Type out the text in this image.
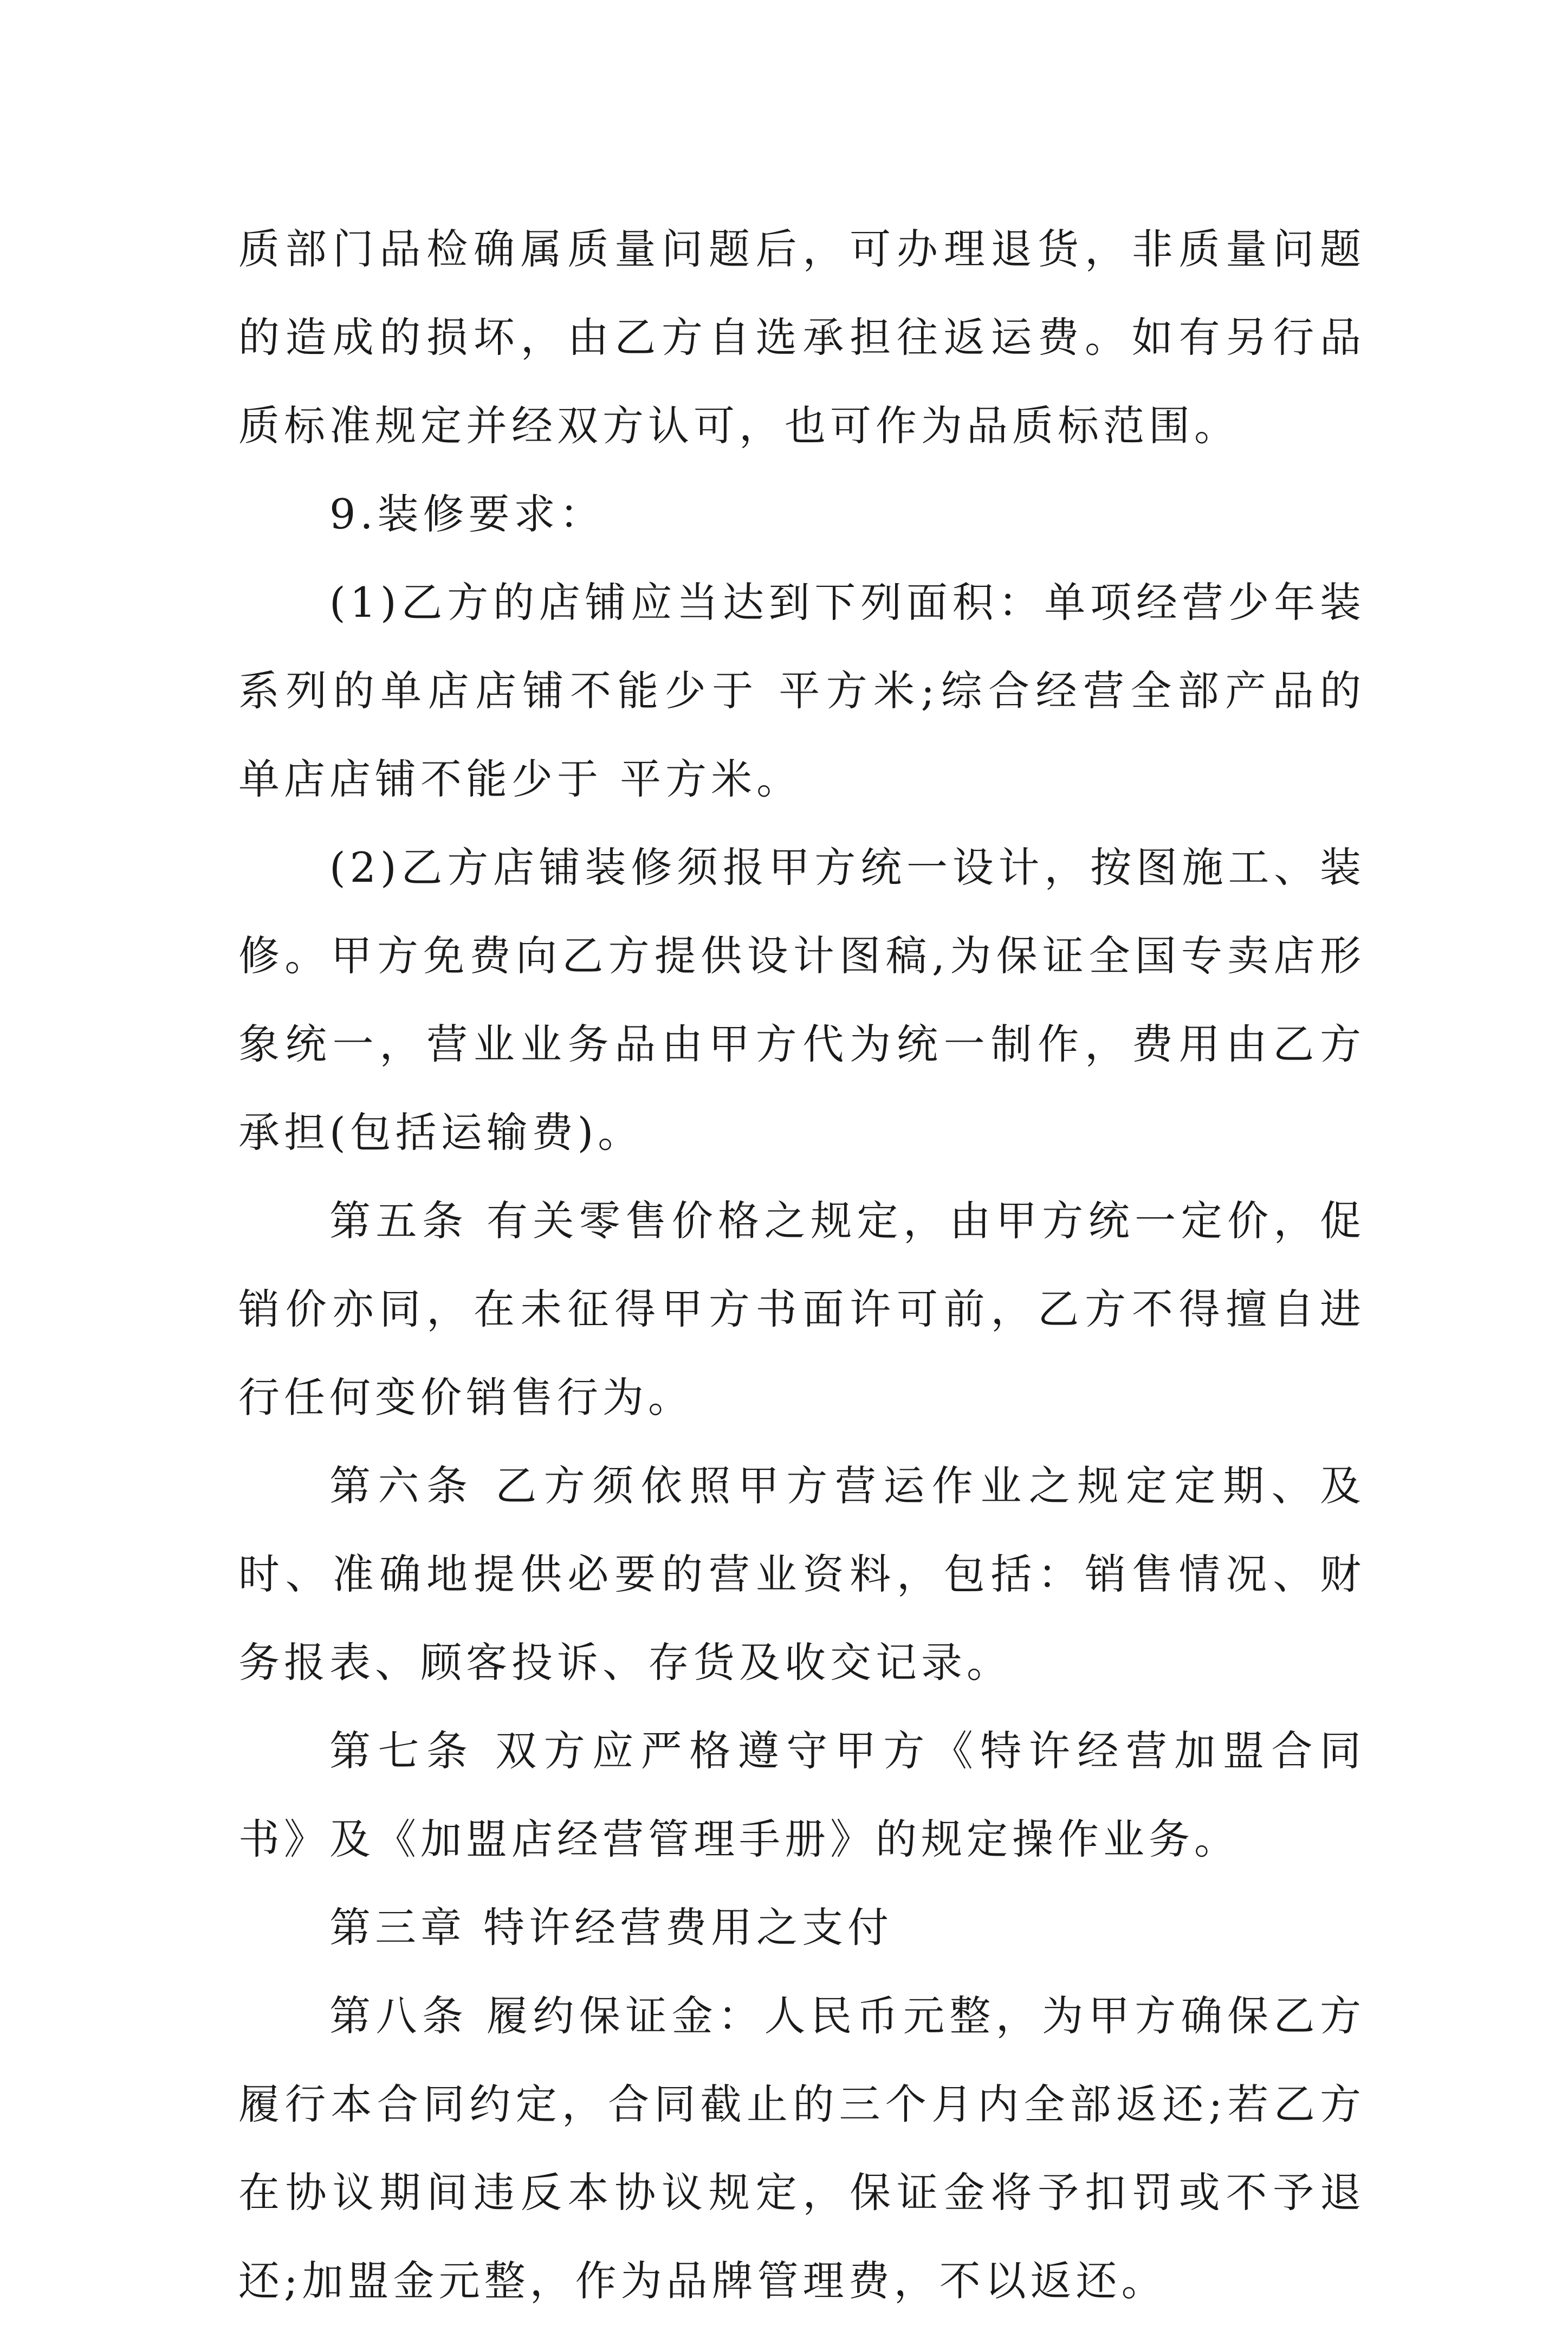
质部门品检确属质量问题后，可办理退货，非质量问题的造成的损坏，由乙方自选承担往返运费。如有另行品质标准规定并经双方认可，也可作为品质标范围。

9.装修要求：

(1)乙方的店铺应当达到下列面积：单项经营少年装系列的单店店铺不能少于 平方米;综合经营全部产品的单店店铺不能少于 平方米。

(2)乙方店铺装修须报甲方统一设计，按图施工、装修。甲方免费向乙方提供设计图稿,为保证全国专卖店形象统一，营业业务品由甲方代为统一制作，费用由乙方承担(包括运输费)。

第五条 有关零售价格之规定，由甲方统一定价，促销价亦同，在未征得甲方书面许可前，乙方不得擅自进行任何变价销售行为。

第六条 乙方须依照甲方营运作业之规定定期、及时、准确地提供必要的营业资料，包括：销售情况、财务报表、顾客投诉、存货及收交记录。

第七条 双方应严格遵守甲方《特许经营加盟合同书》及《加盟店经营管理手册》的规定操作业务。

第三章 特许经营费用之支付

第八条 履约保证金：人民币元整，为甲方确保乙方履行本合同约定，合同截止的三个月内全部返还;若乙方在协议期间违反本协议规定，保证金将予扣罚或不予退还;加盟金元整，作为品牌管理费，不以返还。
